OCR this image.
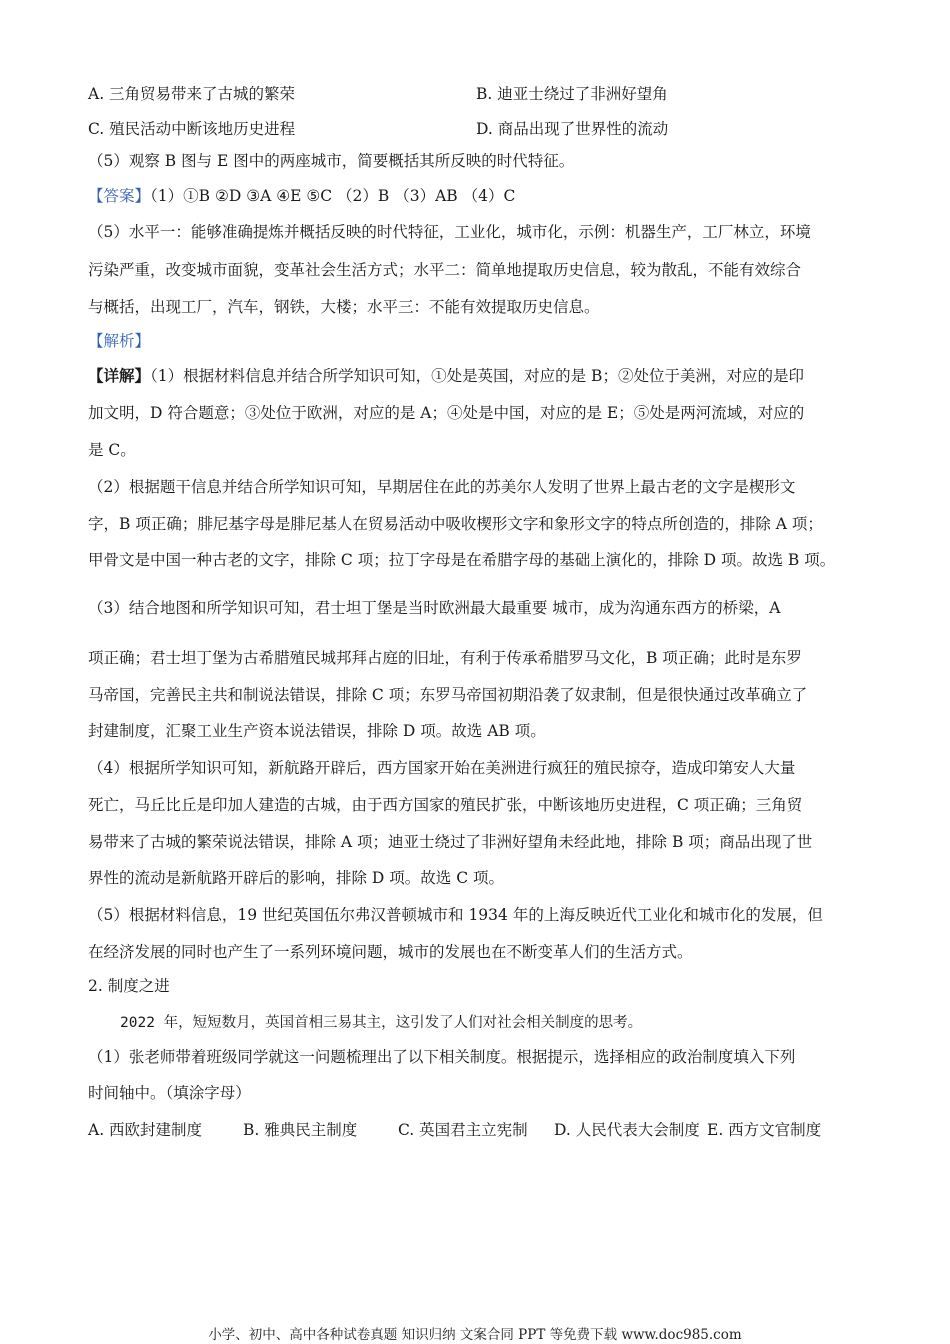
A. 三角贸易带来了古城的繁荣	B. 迪亚士绕过了非洲好望角
C. 殖民活动中断该地历史进程	D. 商品出现了世界性的流动
（5）观察 B 图与 E 图中的两座城市，简要概括其所反映的时代特征。
【答案】（1）①B ②D ③A ④E ⑤C （2）B （3）AB （4）C
（5）水平一：能够准确提炼并概括反映的时代特征，工业化，城市化，示例：机器生产，工厂林立，环境
污染严重，改变城市面貌，变革社会生活方式；水平二：简单地提取历史信息，较为散乱，不能有效综合
与概括，出现工厂，汽车，钢铁，大楼；水平三：不能有效提取历史信息。
【解析】
【详解】（1）根据材料信息并结合所学知识可知，①处是英国，对应的是 B；②处位于美洲，对应的是印
加文明，D 符合题意；③处位于欧洲，对应的是 A；④处是中国，对应的是 E；⑤处是两河流域，对应的
是 C。
（2）根据题干信息并结合所学知识可知，早期居住在此的苏美尔人发明了世界上最古老的文字是楔形文
字，B 项正确；腓尼基字母是腓尼基人在贸易活动中吸收楔形文字和象形文字的特点所创造的，排除 A 项；
甲骨文是中国一种古老的文字，排除 C 项；拉丁字母是在希腊字母的基础上演化的，排除 D 项。故选 B 项。
（3）结合地图和所学知识可知，君士坦丁堡是当时欧洲最大最重要 城市，成为沟通东西方的桥梁，A
项正确；君士坦丁堡为古希腊殖民城邦拜占庭的旧址，有利于传承希腊罗马文化，B 项正确；此时是东罗
马帝国，完善民主共和制说法错误，排除 C 项；东罗马帝国初期沿袭了奴隶制，但是很快通过改革确立了
封建制度，汇聚工业生产资本说法错误，排除 D 项。故选 AB 项。
（4）根据所学知识可知，新航路开辟后，西方国家开始在美洲进行疯狂的殖民掠夺，造成印第安人大量
死亡，马丘比丘是印加人建造的古城，由于西方国家的殖民扩张，中断该地历史进程，C 项正确；三角贸
易带来了古城的繁荣说法错误，排除 A 项；迪亚士绕过了非洲好望角未经此地，排除 B 项；商品出现了世
界性的流动是新航路开辟后的影响，排除 D 项。故选 C 项。
（5）根据材料信息，19 世纪英国伍尔弗汉普顿城市和 1934 年的上海反映近代工业化和城市化的发展，但
在经济发展的同时也产生了一系列环境问题，城市的发展也在不断变革人们的生活方式。
2. 制度之进
2022 年，短短数月，英国首相三易其主，这引发了人们对社会相关制度的思考。
（1）张老师带着班级同学就这一问题梳理出了以下相关制度。根据提示，选择相应的政治制度填入下列
时间轴中。（填涂字母）
A. 西欧封建制度	B. 雅典民主制度	C. 英国君主立宪制 D. 人民代表大会制度 E. 西方文官制度
小学、初中、高中各种试卷真题 知识归纳 文案合同 PPT 等免费下载 www.doc985.com
